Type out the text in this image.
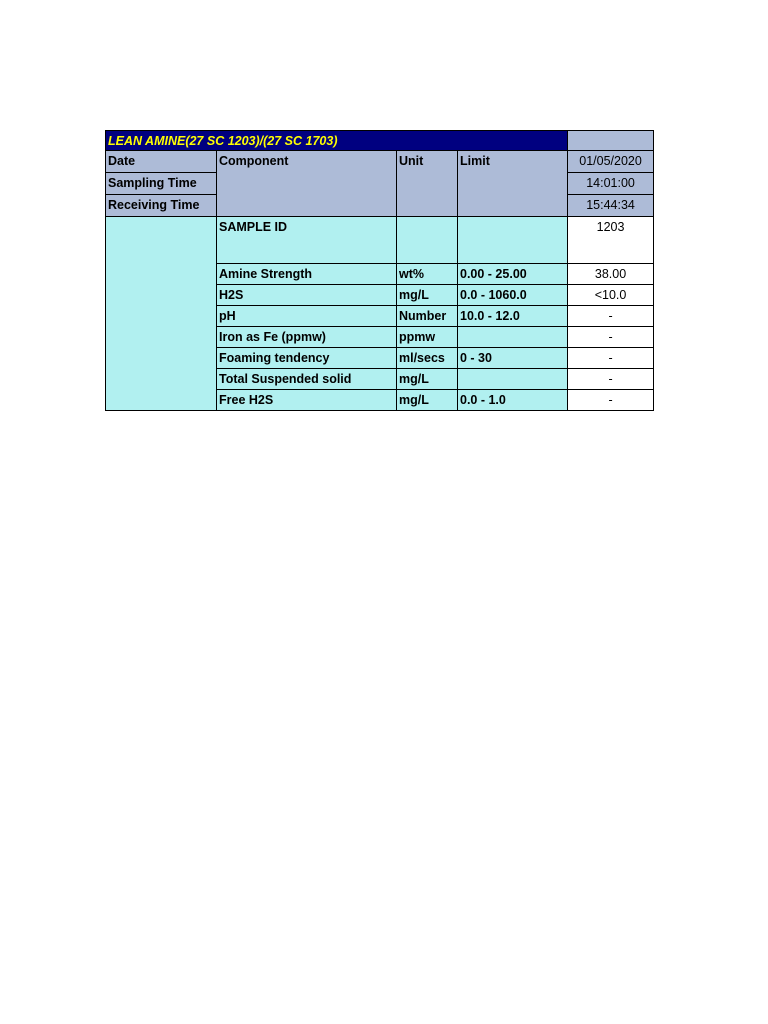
LEAN AMINE(27 SC 1203)/(27 SC 1703)				
Date	Component	Unit	Limit	01/05/2020
Sampling Time				14:01:00
Receiving Time				15:44:34
	SAMPLE ID			1203
	Amine Strength	wt%	0.00 - 25.00	38.00
	H2S	mg/L	0.0 - 1060.0	<10.0
	pH	Number	10.0 - 12.0	-
	Iron as Fe (ppmw)	ppmw		-
	Foaming tendency	ml/secs	0 - 30	-
	Total Suspended solid	mg/L		-
	Free H2S	mg/L	0.0 - 1.0	-
